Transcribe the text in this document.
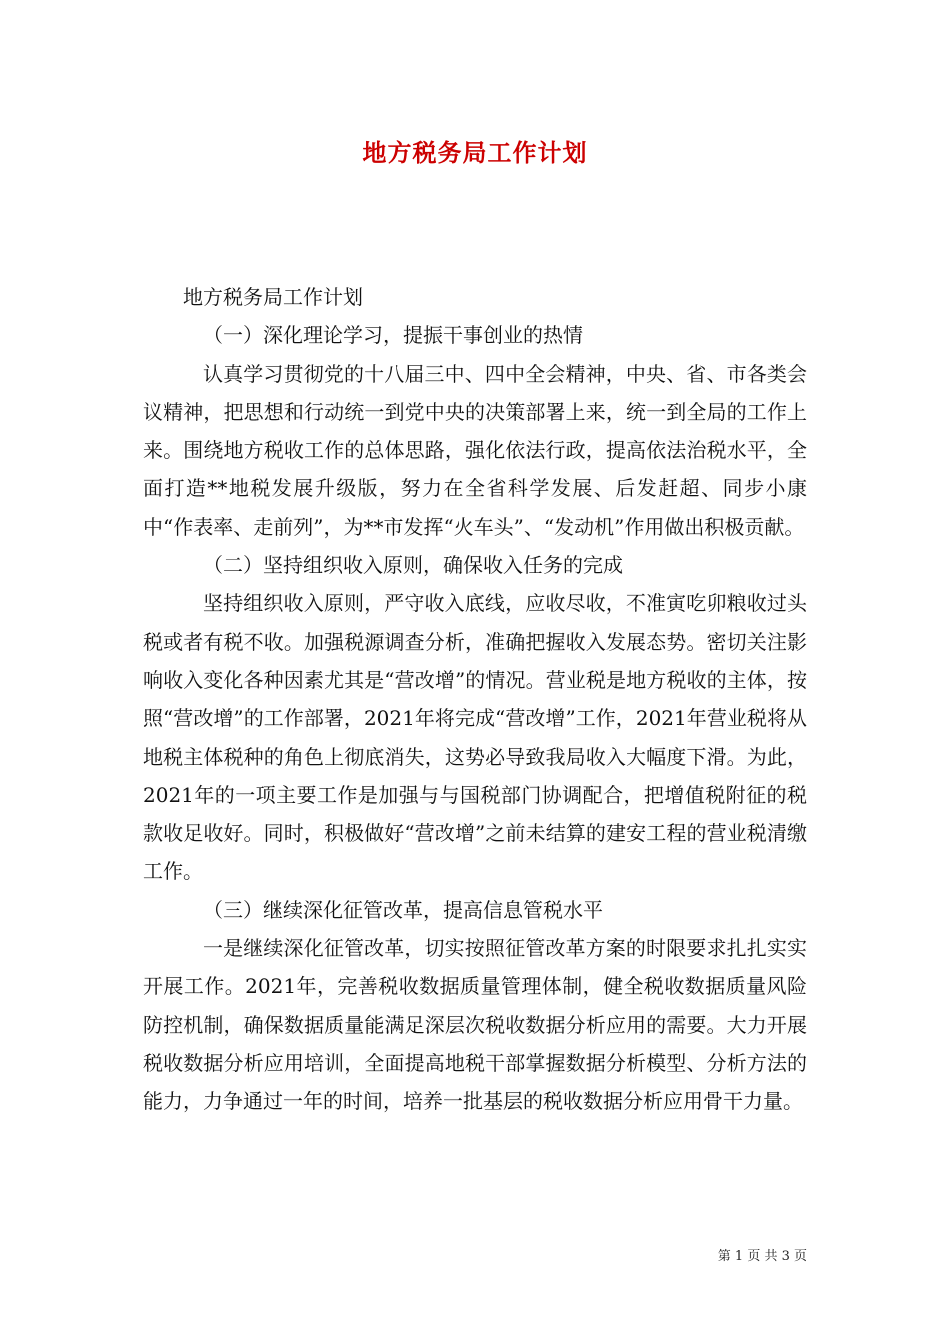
地方税务局工作计划

地方税务局工作计划

（一）深化理论学习，提振干事创业的热情

认真学习贯彻党的十八届三中、四中全会精神，中央、省、市各类会议精神，把思想和行动统一到党中央的决策部署上来，统一到全局的工作上来。围绕地方税收工作的总体思路，强化依法行政，提高依法治税水平，全面打造**地税发展升级版，努力在全省科学发展、后发赶超、同步小康中“作表率、走前列”，为**市发挥“火车头”、“发动机”作用做出积极贡献。

（二）坚持组织收入原则，确保收入任务的完成

坚持组织收入原则，严守收入底线，应收尽收，不准寅吃卯粮收过头税或者有税不收。加强税源调查分析，准确把握收入发展态势。密切关注影响收入变化各种因素尤其是“营改增”的情况。营业税是地方税收的主体，按照“营改增”的工作部署，2021年将完成“营改增”工作，2021年营业税将从地税主体税种的角色上彻底消失，这势必导致我局收入大幅度下滑。为此，2021年的一项主要工作是加强与与国税部门协调配合，把增值税附征的税款收足收好。同时，积极做好“营改增”之前未结算的建安工程的营业税清缴工作。

（三）继续深化征管改革，提高信息管税水平

一是继续深化征管改革，切实按照征管改革方案的时限要求扎扎实实开展工作。2021年，完善税收数据质量管理体制，健全税收数据质量风险防控机制，确保数据质量能满足深层次税收数据分析应用的需要。大力开展税收数据分析应用培训，全面提高地税干部掌握数据分析模型、分析方法的能力，力争通过一年的时间，培养一批基层的税收数据分析应用骨干力量。

第 1 页 共 3 页
